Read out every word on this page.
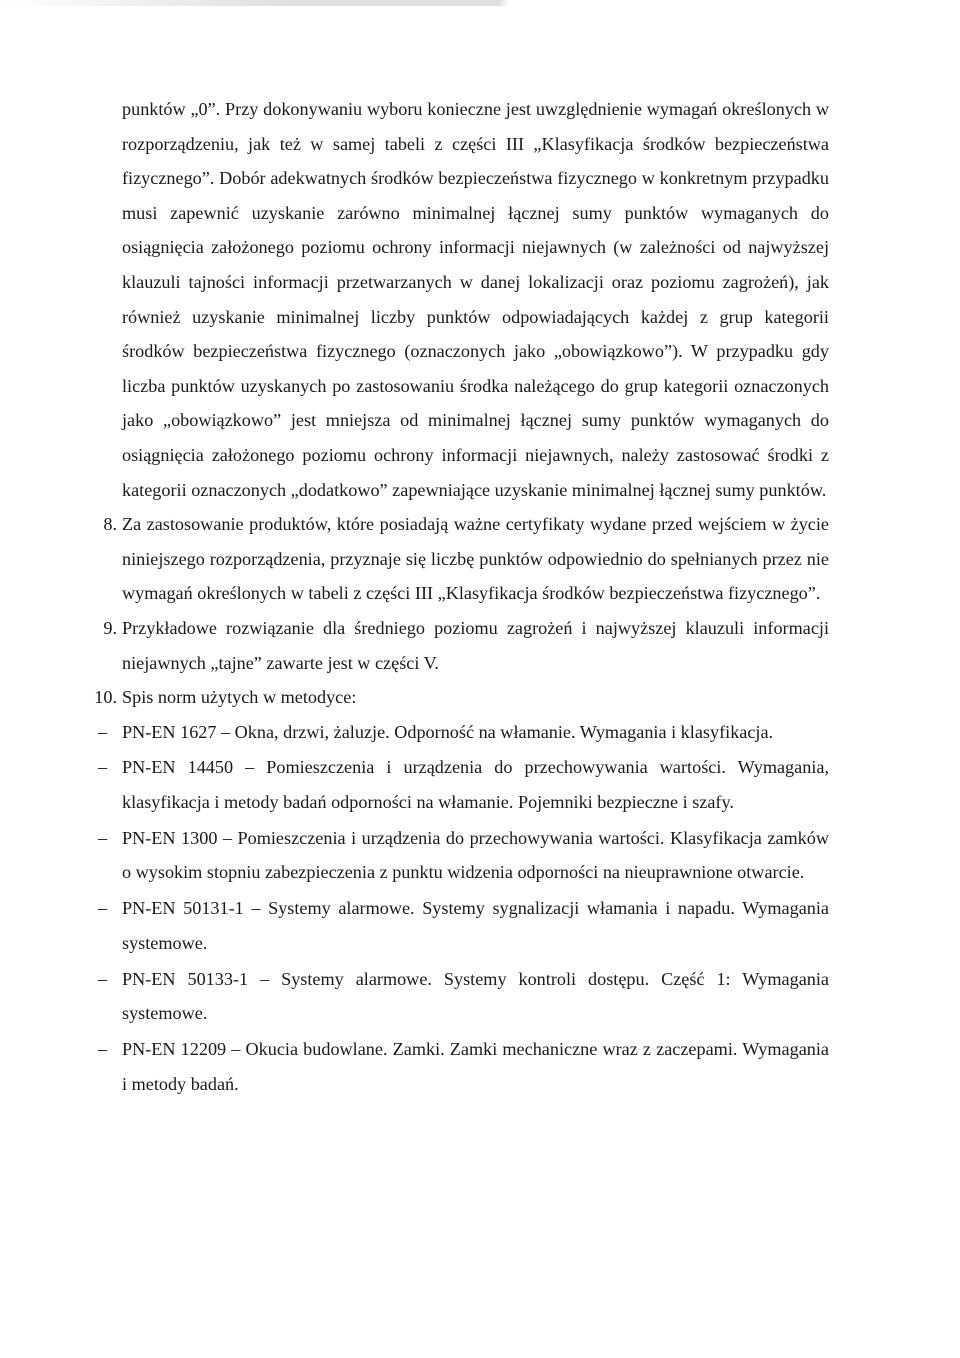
punktów „0”. Przy dokonywaniu wyboru konieczne jest uwzględnienie wymagań określonych w rozporządzeniu, jak też w samej tabeli z części III „Klasyfikacja środków bezpieczeństwa fizycznego”. Dobór adekwatnych środków bezpieczeństwa fizycznego w konkretnym przypadku musi zapewnić uzyskanie zarówno minimalnej łącznej sumy punktów wymaganych do osiągnięcia założonego poziomu ochrony informacji niejawnych (w zależności od najwyższej klauzuli tajności informacji przetwarzanych w danej lokalizacji oraz poziomu zagrożeń), jak również uzyskanie minimalnej liczby punktów odpowiadających każdej z grup kategorii środków bezpieczeństwa fizycznego (oznaczonych jako „obowiązkowo”). W przypadku gdy liczba punktów uzyskanych po zastosowaniu środka należącego do grup kategorii oznaczonych jako „obowiązkowo” jest mniejsza od minimalnej łącznej sumy punktów wymaganych do osiągnięcia założonego poziomu ochrony informacji niejawnych, należy zastosować środki z kategorii oznaczonych „dodatkowo” zapewniające uzyskanie minimalnej łącznej sumy punktów.

8. Za zastosowanie produktów, które posiadają ważne certyfikaty wydane przed wejściem w życie niniejszego rozporządzenia, przyznaje się liczbę punktów odpowiednio do spełnianych przez nie wymagań określonych w tabeli z części III „Klasyfikacja środków bezpieczeństwa fizycznego”.
9. Przykładowe rozwiązanie dla średniego poziomu zagrożeń i najwyższej klauzuli informacji niejawnych „tajne” zawarte jest w części V.
10. Spis norm użytych w metodyce:
– PN-EN 1627 – Okna, drzwi, żaluzje. Odporność na włamanie. Wymagania i klasyfikacja.
– PN-EN 14450 – Pomieszczenia i urządzenia do przechowywania wartości. Wymagania, klasyfikacja i metody badań odporności na włamanie. Pojemniki bezpieczne i szafy.
– PN-EN 1300 – Pomieszczenia i urządzenia do przechowywania wartości. Klasyfikacja zamków o wysokim stopniu zabezpieczenia z punktu widzenia odporności na nieuprawnione otwarcie.
– PN-EN 50131-1 – Systemy alarmowe. Systemy sygnalizacji włamania i napadu. Wymagania systemowe.
– PN-EN 50133-1 – Systemy alarmowe. Systemy kontroli dostępu. Część 1: Wymagania systemowe.
– PN-EN 12209 – Okucia budowlane. Zamki. Zamki mechaniczne wraz z zaczepami. Wymagania i metody badań.
